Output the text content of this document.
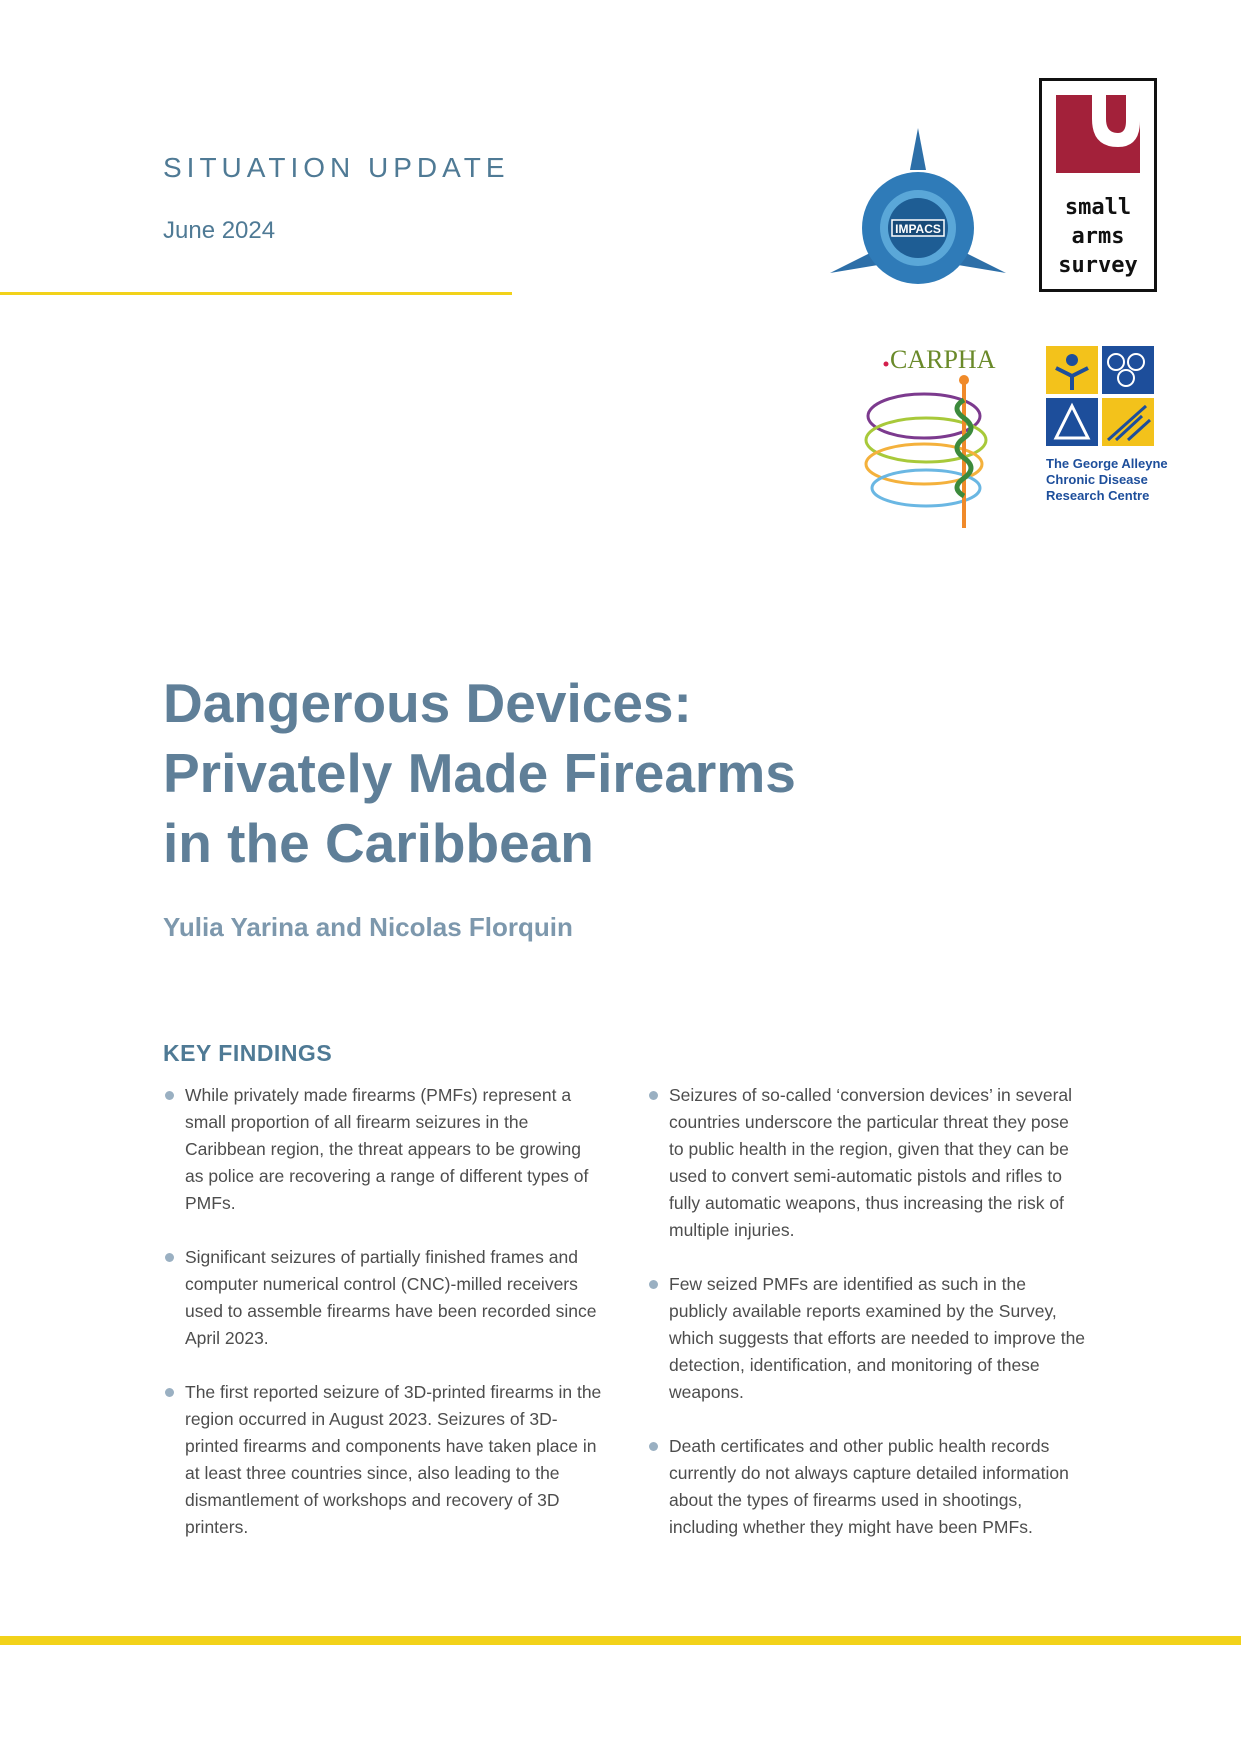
SITUATION UPDATE
June 2024	IMPACS
small
arms
survey
CARPHA
The George Alleyne
Chronic Disease
Research Centre
Dangerous Devices:
Privately Made Firearms
in the Caribbean
Yulia Yarina and Nicolas Florquin
KEY FINDINGS
While privately made firearms (PMFs) represent a small proportion of all firearm seizures in the Caribbean region, the threat appears to be growing as police are recovering a range of different types of PMFs.
Significant seizures of partially finished frames and computer numerical control (CNC)-milled receivers used to assemble firearms have been recorded since April 2023.
The first reported seizure of 3D-printed firearms in the region occurred in August 2023. Seizures of 3D-printed firearms and components have taken place in at least three countries since, also leading to the dismantlement of workshops and recovery of 3D printers.
Seizures of so-called ‘conversion devices’ in several countries underscore the particular threat they pose to public health in the region, given that they can be used to convert semi-automatic pistols and rifles to fully automatic weapons, thus increasing the risk of multiple injuries.
Few seized PMFs are identified as such in the publicly available reports examined by the Survey, which suggests that efforts are needed to improve the detection, identification, and monitoring of these weapons.
Death certificates and other public health records currently do not always capture detailed information about the types of firearms used in shootings, including whether they might have been PMFs.
